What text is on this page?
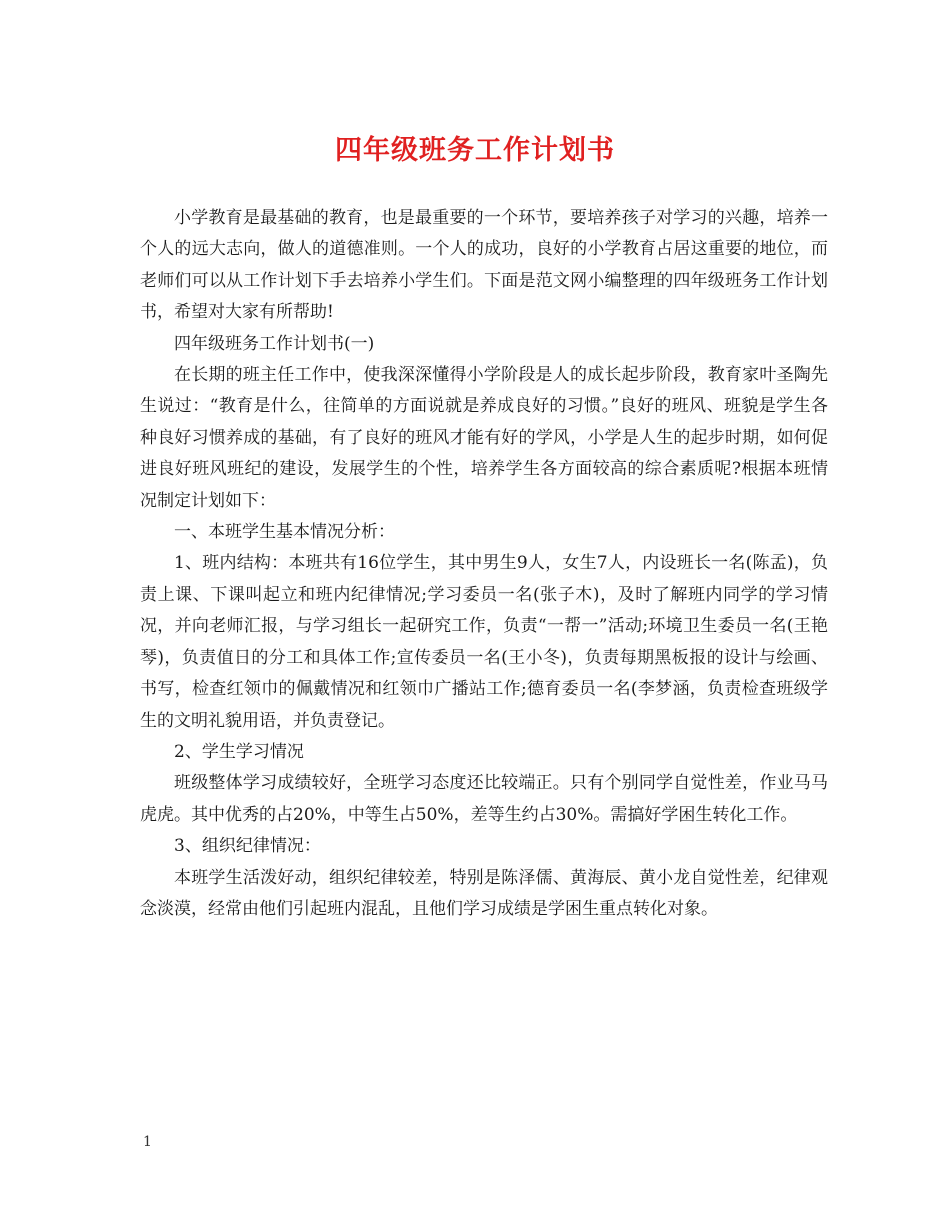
四年级班务工作计划书

小学教育是最基础的教育，也是最重要的一个环节，要培养孩子对学习的兴趣，培养一个人的远大志向，做人的道德准则。一个人的成功，良好的小学教育占居这重要的地位，而老师们可以从工作计划下手去培养小学生们。下面是范文网小编整理的四年级班务工作计划书，希望对大家有所帮助!

四年级班务工作计划书(一)

在长期的班主任工作中，使我深深懂得小学阶段是人的成长起步阶段，教育家叶圣陶先生说过：“教育是什么，往简单的方面说就是养成良好的习惯。”良好的班风、班貌是学生各种良好习惯养成的基础，有了良好的班风才能有好的学风，小学是人生的起步时期，如何促进良好班风班纪的建设，发展学生的个性，培养学生各方面较高的综合素质呢?根据本班情况制定计划如下：

一、本班学生基本情况分析：

1、班内结构：本班共有16位学生，其中男生9人，女生7人，内设班长一名(陈孟)，负责上课、下课叫起立和班内纪律情况;学习委员一名(张子木)，及时了解班内同学的学习情况，并向老师汇报，与学习组长一起研究工作，负责“一帮一”活动;环境卫生委员一名(王艳琴)，负责值日的分工和具体工作;宣传委员一名(王小冬)，负责每期黑板报的设计与绘画、书写，检查红领巾的佩戴情况和红领巾广播站工作;德育委员一名(李梦涵，负责检查班级学生的文明礼貌用语，并负责登记。

2、学生学习情况

班级整体学习成绩较好，全班学习态度还比较端正。只有个别同学自觉性差，作业马马虎虎。其中优秀的占20%，中等生占50%，差等生约占30%。需搞好学困生转化工作。

3、组织纪律情况：

本班学生活泼好动，组织纪律较差，特别是陈泽儒、黄海辰、黄小龙自觉性差，纪律观念淡漠，经常由他们引起班内混乱，且他们学习成绩是学困生重点转化对象。

1
